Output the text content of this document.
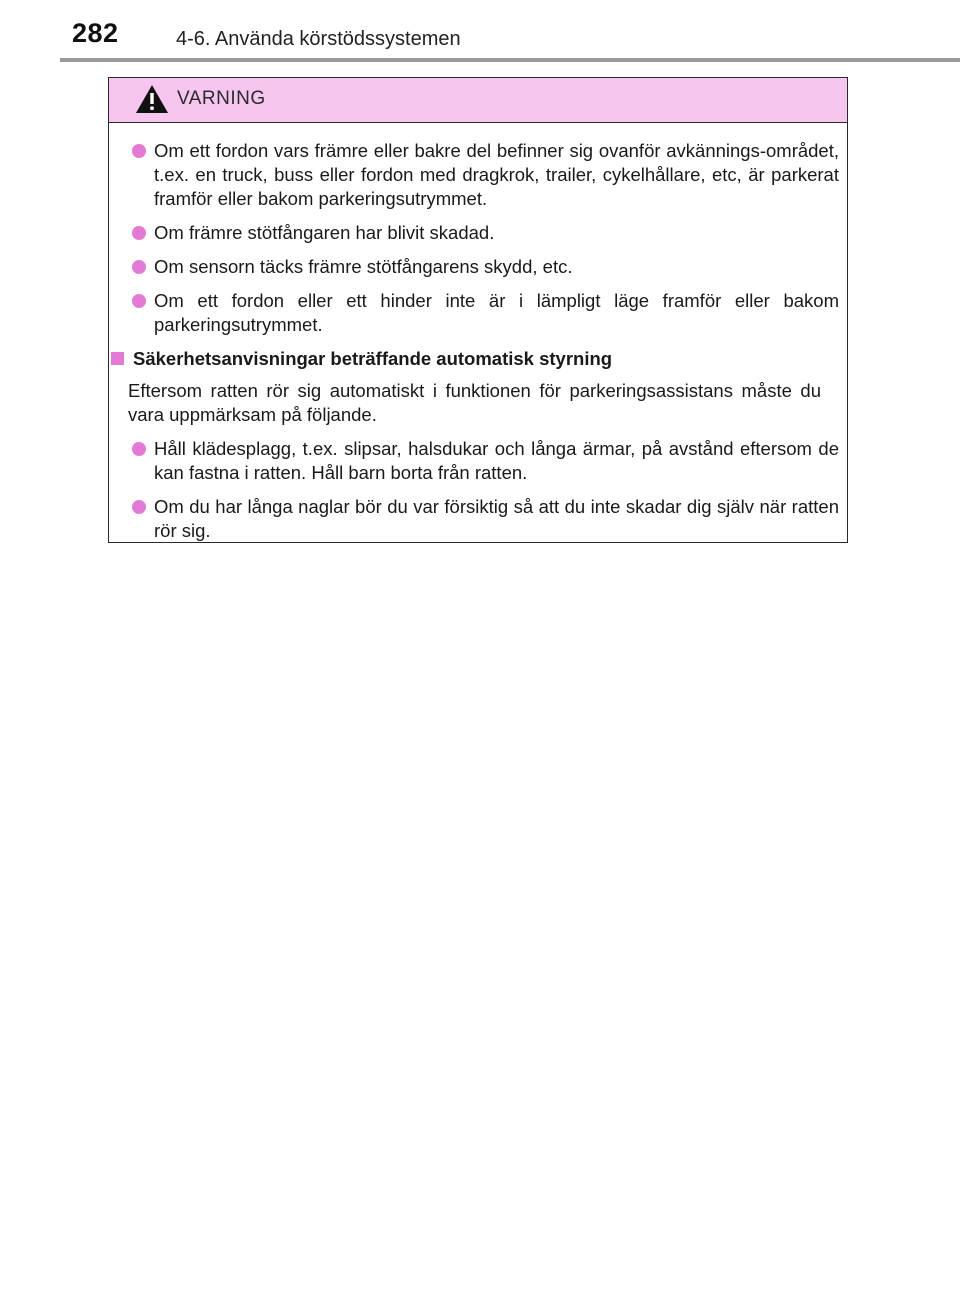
282	4-6. Använda körstödssystemen
VARNING
Om ett fordon vars främre eller bakre del befinner sig ovanför avkännings-området, t.ex. en truck, buss eller fordon med dragkrok, trailer, cykelhållare, etc, är parkerat framför eller bakom parkeringsutrymmet.
Om främre stötfångaren har blivit skadad.
Om sensorn täcks främre stötfångarens skydd, etc.
Om ett fordon eller ett hinder inte är i lämpligt läge framför eller bakom parkeringsutrymmet.
Säkerhetsanvisningar beträffande automatisk styrning
Eftersom ratten rör sig automatiskt i funktionen för parkeringsassistans måste du vara uppmärksam på följande.
Håll klädesplagg, t.ex. slipsar, halsdukar och långa ärmar, på avstånd eftersom de kan fastna i ratten. Håll barn borta från ratten.
Om du har långa naglar bör du var försiktig så att du inte skadar dig själv när ratten rör sig.
